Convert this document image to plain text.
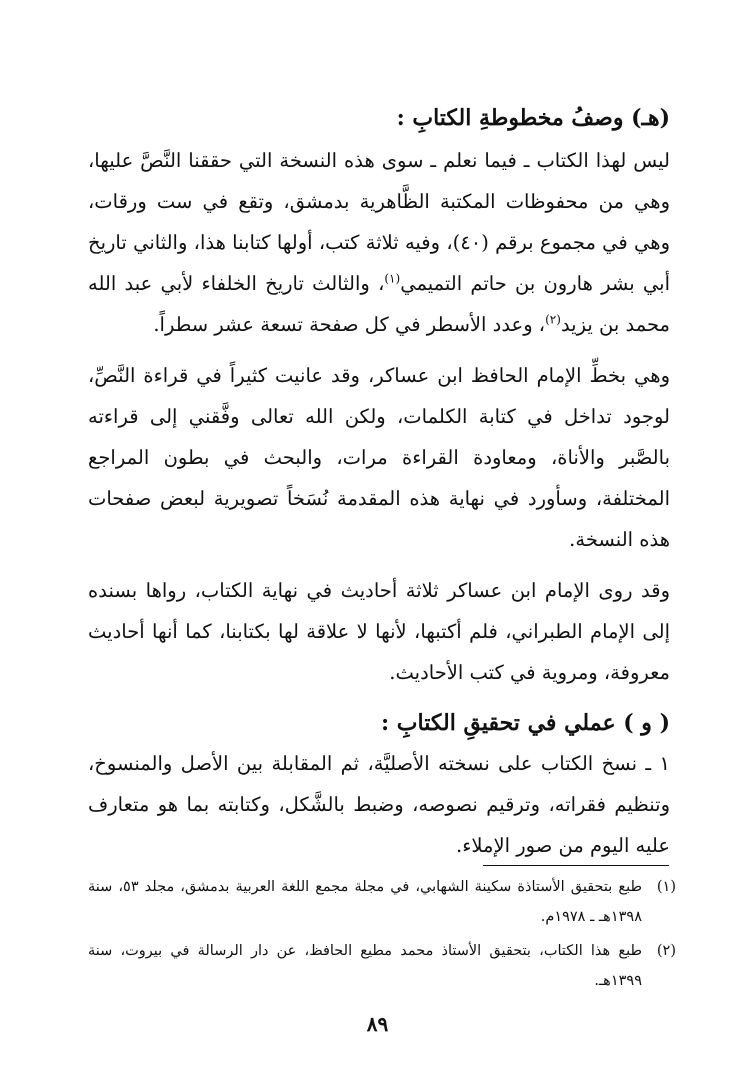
(هـ) وصفُ مخطوطةِ الكتابِ :

ليس لهذا الكتاب ـ فيما نعلم ـ سوى هذه النسخة التي حققنا النَّصَّ عليها، وهي من محفوظات المكتبة الظَّاهرية بدمشق، وتقع في ست ورقات، وهي في مجموع برقم (٤٠)، وفيه ثلاثة كتب، أولها كتابنا هذا، والثاني تاريخ أبي بشر هارون بن حاتم التميمي$^{(١)}$، والثالث تاريخ الخلفاء لأبي عبد الله محمد بن يزيد$^{(٢)}$، وعدد الأسطر في كل صفحة تسعة عشر سطراً.

وهي بخطِّ الإمام الحافظ ابن عساكر، وقد عانيت كثيراً في قراءة النَّصِّ، لوجود تداخل في كتابة الكلمات، ولكن الله تعالى وفَّقني إلى قراءته بالصَّبر والأناة، ومعاودة القراءة مرات، والبحث في بطون المراجع المختلفة، وسأورد في نهاية هذه المقدمة نُسَخاً تصويرية لبعض صفحات هذه النسخة.

وقد روى الإمام ابن عساكر ثلاثة أحاديث في نهاية الكتاب، رواها بسنده إلى الإمام الطبراني، فلم أكتبها، لأنها لا علاقة لها بكتابنا، كما أنها أحاديث معروفة، ومروية في كتب الأحاديث.

( و ) عملي في تحقيقِ الكتابِ :

١ ـ نسخ الكتاب على نسخته الأصليَّة، ثم المقابلة بين الأصل والمنسوخ، وتنظيم فقراته، وترقيم نصوصه، وضبط بالشَّكل، وكتابته بما هو متعارف عليه اليوم من صور الإملاء.

(١)
طبع بتحقيق الأستاذة سكينة الشهابي، في مجلة مجمع اللغة العربية بدمشق، مجلد ٥٣، سنة ١٣٩٨هـ ـ ١٩٧٨م.
(٢)
طبع هذا الكتاب، بتحقيق الأستاذ محمد مطيع الحافظ، عن دار الرسالة في بيروت، سنة ١٣٩٩هـ.
٨٩
